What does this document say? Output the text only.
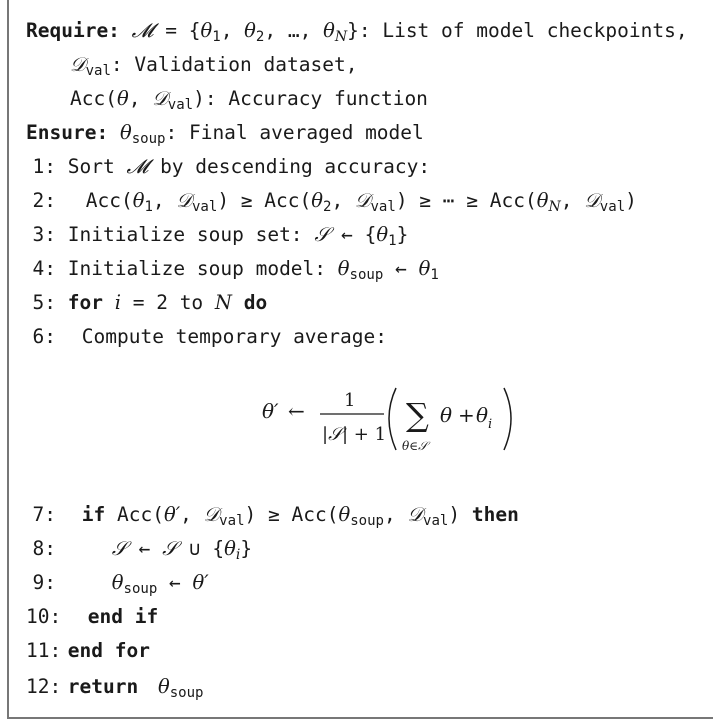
Require: 𝓜 = {$\theta_1$, $\theta_2$, …, $\theta_N$}: List of model checkpoints,
𝒟$_{val}$: Validation dataset,
Acc(θ, 𝒟$_{val}$): Accuracy function
Ensure: $\theta_{soup}$: Final averaged model
1: Sort 𝓜 by descending accuracy:
2: $Acc(\theta_1$, 𝒟$_{val}$) ≥ $Acc(\theta_2$, 𝒟$_{val}$) ≥ ⋯ ≥ $Acc(\theta_N$, 𝒟$_{val}$)
3: Initialize soup set: 𝒮 ← $\{\theta_1\}$
4: Initialize soup model: $\theta_{soup}$ ← $\theta_1$
5: for i = 2 to N do
6: Compute temporary average:
θ′ ← 1
|𝒮| + 1
∑
θ∈𝒮
θ + θ i
7: if Acc(θ′, 𝒟$_{val}$) ≥ $Acc(\theta_{soup}$, 𝒟$_{val}$) then
8:	𝒮 ← 𝒮 ∪ $\{\theta_i\}$
9:	$\theta_{soup}$ ← θ′
10: end if
11: end for
12: return $\theta_{soup}$
